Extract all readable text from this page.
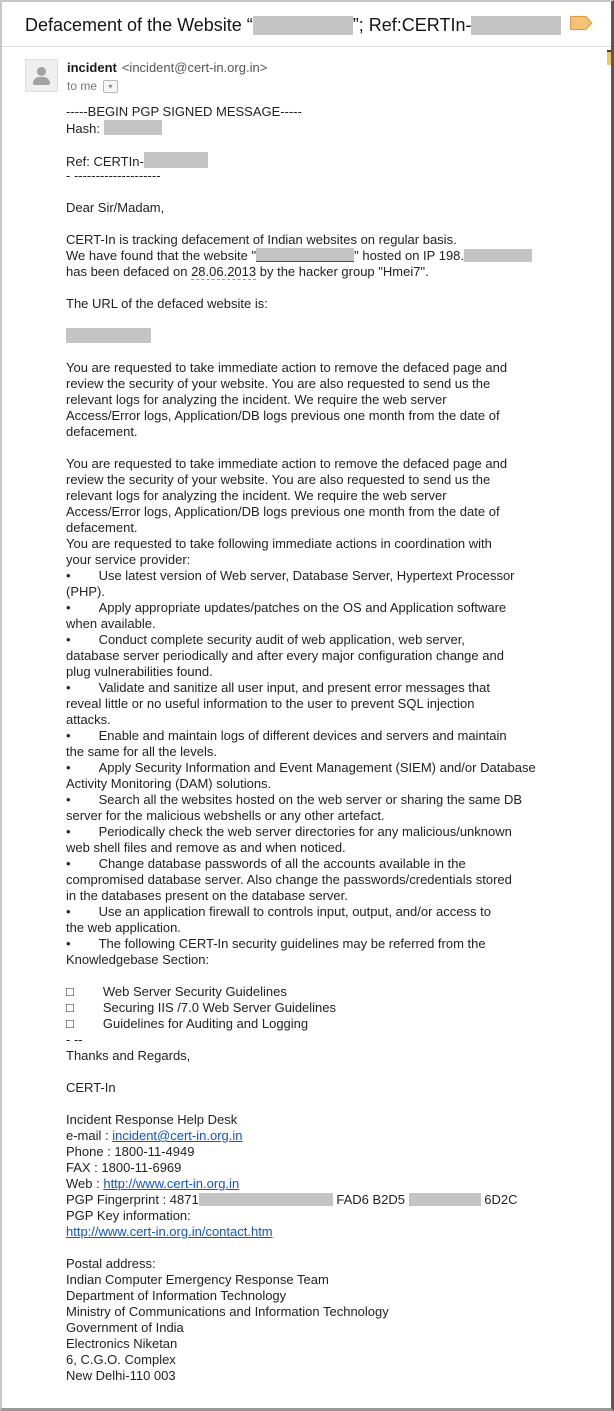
Defacement of the Website “	”; Ref:CERTIn-
incident <incident@cert-in.org.in>
to me	▾
-----BEGIN PGP SIGNED MESSAGE-----
Hash:

Ref: CERTIn-
- --------------------

Dear Sir/Madam,

CERT-In is tracking defacement of Indian websites on regular basis.
We have found that the website "	" hosted on IP 198.
has been defaced on 28.06.2013 by the hacker group "Hmei7".

The URL of the defaced website is:

You are requested to take immediate action to remove the defaced page and
review the security of your website. You are also requested to send us the
relevant logs for analyzing the incident. We require the web server
Access/Error logs, Application/DB logs previous one month from the date of
defacement.

You are requested to take immediate action to remove the defaced page and
review the security of your website. You are also requested to send us the
relevant logs for analyzing the incident. We require the web server
Access/Error logs, Application/DB logs previous one month from the date of
defacement.
You are requested to take following immediate actions in coordination with
your service provider:
• Use latest version of Web server, Database Server, Hypertext Processor
(PHP).
• Apply appropriate updates/patches on the OS and Application software
when available.
• Conduct complete security audit of web application, web server,
database server periodically and after every major configuration change and
plug vulnerabilities found.
• Validate and sanitize all user input, and present error messages that
reveal little or no useful information to the user to prevent SQL injection
attacks.
• Enable and maintain logs of different devices and servers and maintain
the same for all the levels.
• Apply Security Information and Event Management (SIEM) and/or Database
Activity Monitoring (DAM) solutions.
• Search all the websites hosted on the web server or sharing the same DB
server for the malicious webshells or any other artefact.
• Periodically check the web server directories for any malicious/unknown
web shell files and remove as and when noticed.
• Change database passwords of all the accounts available in the
compromised database server. Also change the passwords/credentials stored
in the databases present on the database server.
• Use an application firewall to controls input, output, and/or access to
the web application.
• The following CERT-In security guidelines may be referred from the
Knowledgebase Section:

□ Web Server Security Guidelines
□ Securing IIS /7.0 Web Server Guidelines
□ Guidelines for Auditing and Logging
- --
Thanks and Regards,

CERT-In

Incident Response Help Desk
e-mail : incident@cert-in.org.in
Phone : 1800-11-4949
FAX : 1800-11-6969
Web : http://www.cert-in.org.in
PGP Fingerprint : 4871	FAD6 B2D5	6D2C
PGP Key information:
http://www.cert-in.org.in/contact.htm

Postal address:
Indian Computer Emergency Response Team
Department of Information Technology
Ministry of Communications and Information Technology
Government of India
Electronics Niketan
6, C.G.O. Complex
New Delhi-110 003
